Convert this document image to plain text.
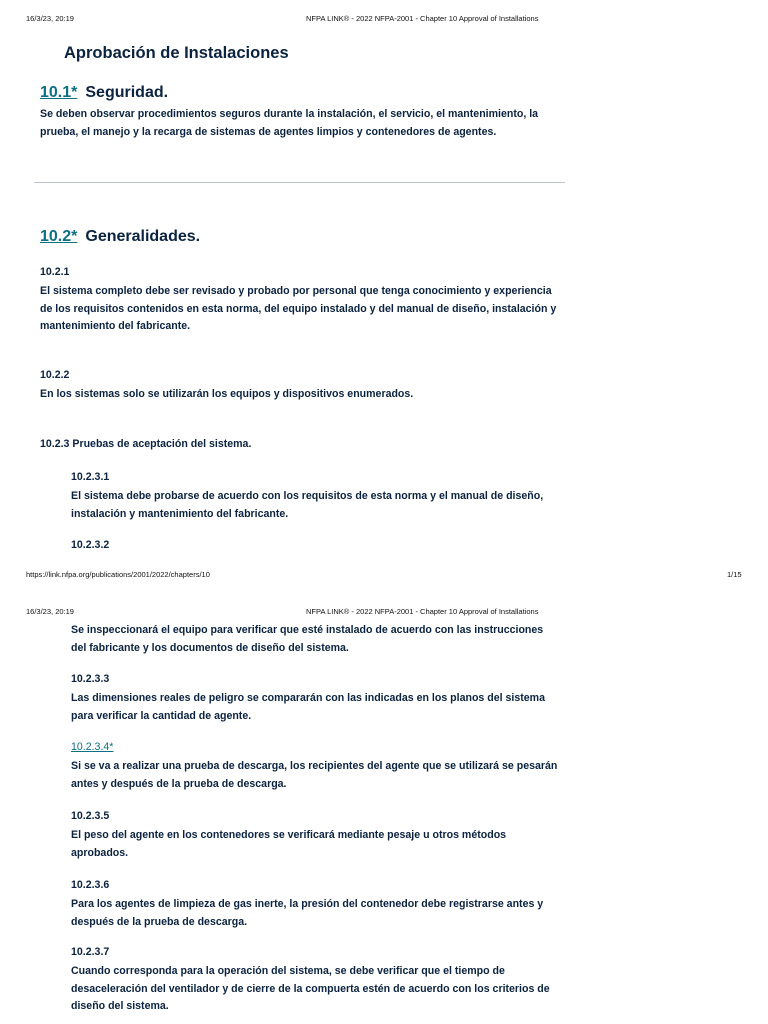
16/3/23, 20:19	NFPA LINK® - 2022 NFPA-2001 - Chapter 10 Approval of Installations
Aprobación de Instalaciones
10.1* Seguridad.
Se deben observar procedimientos seguros durante la instalación, el servicio, el mantenimiento, la prueba, el manejo y la recarga de sistemas de agentes limpios y contenedores de agentes.
10.2* Generalidades.
10.2.1
El sistema completo debe ser revisado y probado por personal que tenga conocimiento y experiencia de los requisitos contenidos en esta norma, del equipo instalado y del manual de diseño, instalación y mantenimiento del fabricante.
10.2.2
En los sistemas solo se utilizarán los equipos y dispositivos enumerados.
10.2.3 Pruebas de aceptación del sistema.
10.2.3.1
El sistema debe probarse de acuerdo con los requisitos de esta norma y el manual de diseño, instalación y mantenimiento del fabricante.
10.2.3.2
https://link.nfpa.org/publications/2001/2022/chapters/10	1/15
16/3/23, 20:19	NFPA LINK® - 2022 NFPA-2001 - Chapter 10 Approval of Installations
Se inspeccionará el equipo para verificar que esté instalado de acuerdo con las instrucciones del fabricante y los documentos de diseño del sistema.
10.2.3.3
Las dimensiones reales de peligro se compararán con las indicadas en los planos del sistema para verificar la cantidad de agente.
10.2.3.4*
Si se va a realizar una prueba de descarga, los recipientes del agente que se utilizará se pesarán antes y después de la prueba de descarga.
10.2.3.5
El peso del agente en los contenedores se verificará mediante pesaje u otros métodos aprobados.
10.2.3.6
Para los agentes de limpieza de gas inerte, la presión del contenedor debe registrarse antes y después de la prueba de descarga.
10.2.3.7
Cuando corresponda para la operación del sistema, se debe verificar que el tiempo de desaceleración del ventilador y de cierre de la compuerta estén de acuerdo con los criterios de diseño del sistema.
